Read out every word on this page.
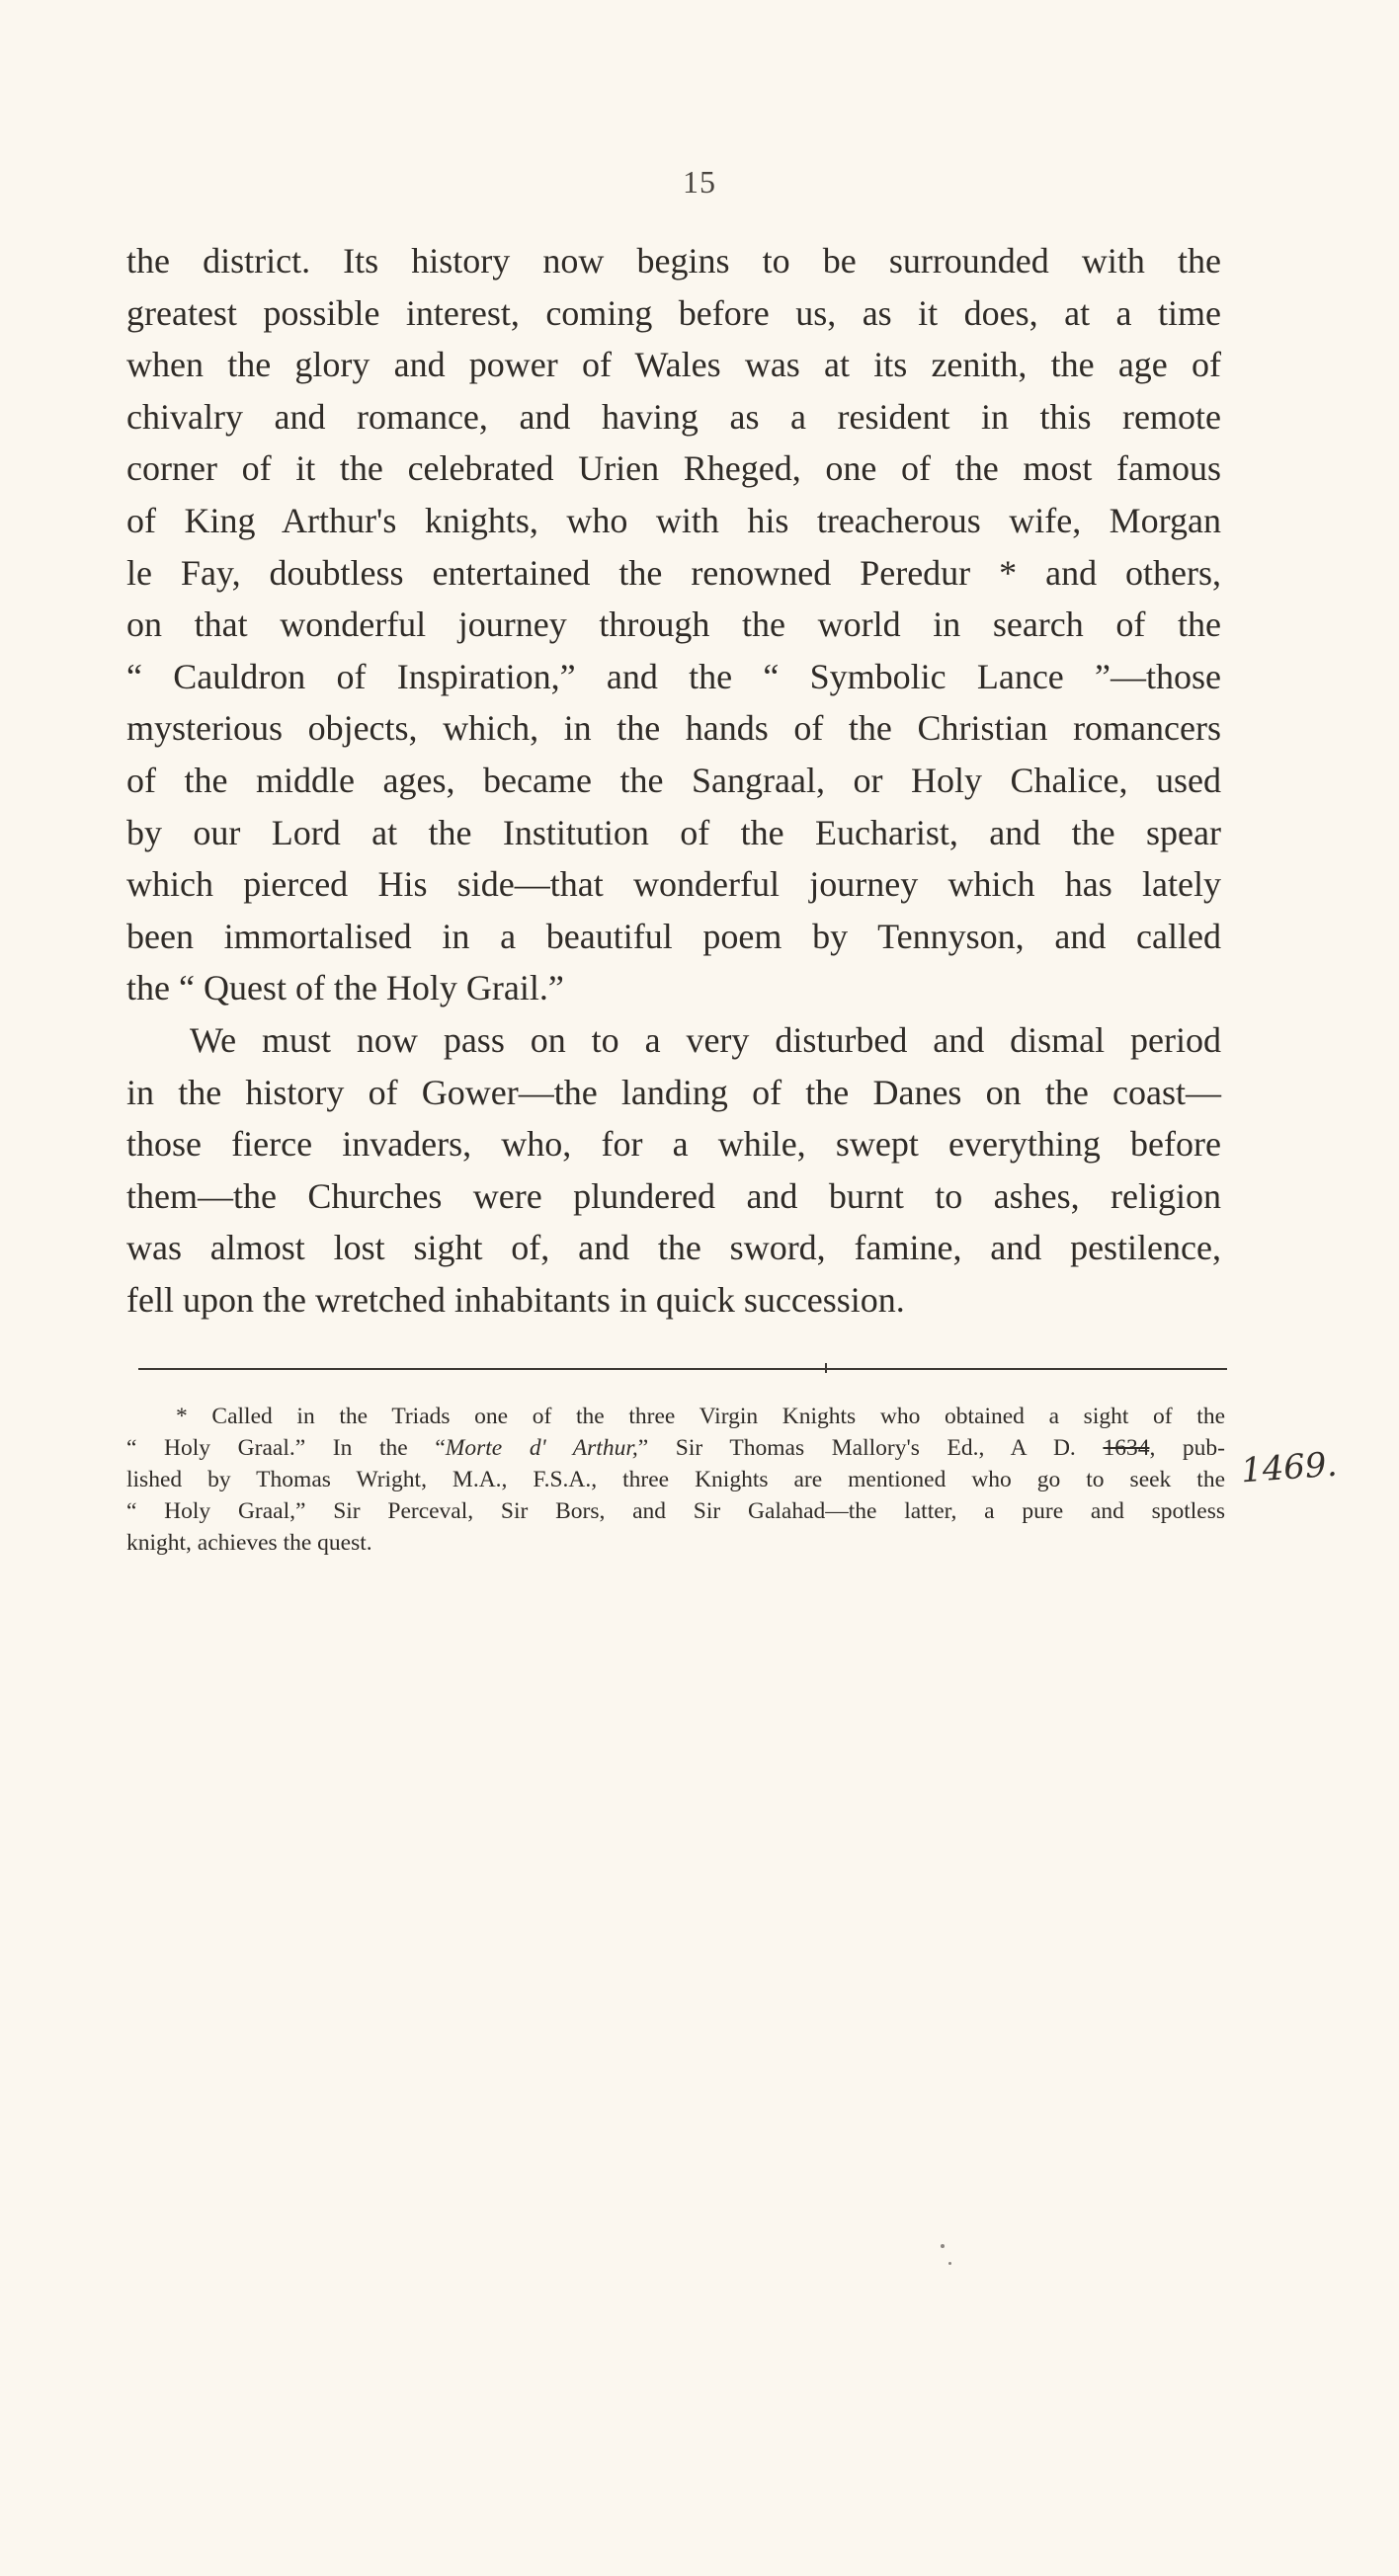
15
the district. Its history now begins to be surrounded with the
greatest possible interest, coming before us, as it does, at a time
when the glory and power of Wales was at its zenith, the age of
chivalry and romance, and having as a resident in this remote
corner of it the celebrated Urien Rheged, one of the most famous
of King Arthur's knights, who with his treacherous wife, Morgan
le Fay, doubtless entertained the renowned Peredur * and others,
on that wonderful journey through the world in search of the
“ Cauldron of Inspiration,” and the “ Symbolic Lance ”—those
mysterious objects, which, in the hands of the Christian romancers
of the middle ages, became the Sangraal, or Holy Chalice, used
by our Lord at the Institution of the Eucharist, and the spear
which pierced His side—that wonderful journey which has lately
been immortalised in a beautiful poem by Tennyson, and called
the “ Quest of the Holy Grail.”
We must now pass on to a very disturbed and dismal period
in the history of Gower—the landing of the Danes on the coast—
those fierce invaders, who, for a while, swept everything before
them—the Churches were plundered and burnt to ashes, religion
was almost lost sight of, and the sword, famine, and pestilence,
fell upon the wretched inhabitants in quick succession.
* Called in the Triads one of the three Virgin Knights who obtained a sight of the
“ Holy Graal.” In the “Morte d' Arthur,” Sir Thomas Mallory's Ed., A D. 1634, pub-
lished by Thomas Wright, M.A., F.S.A., three Knights are mentioned who go to seek the
“ Holy Graal,” Sir Perceval, Sir Bors, and Sir Galahad—the latter, a pure and spotless
knight, achieves the quest.
1469.
